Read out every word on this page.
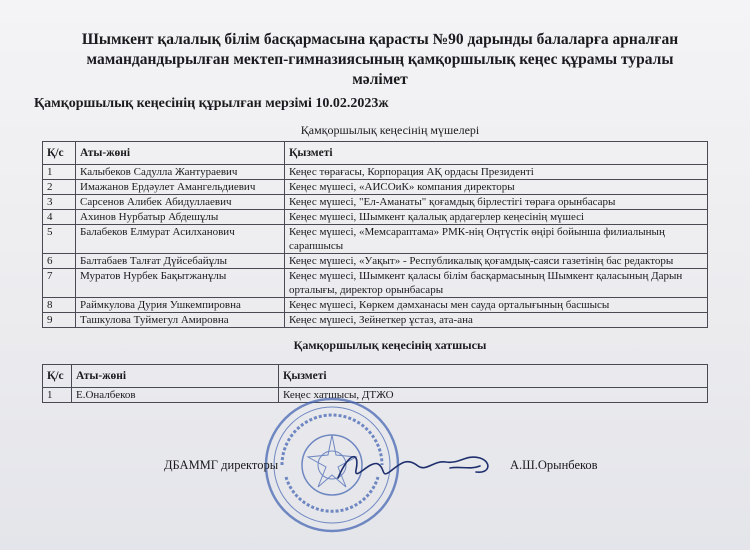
Шымкент қалалық білім басқармасына қарасты №90 дарынды балаларға арналған
мамандандырылған мектеп-гимназиясының қамқоршылық кеңес құрамы туралы
мәлімет
Қамқоршылық кеңесінің құрылған мерзімі 10.02.2023ж
Қамқоршылық кеңесінің мүшелері
Қ/с	Аты-жөні	Қызметі
1	Калыбеков Садулла Жантураевич	Кеңес төрағасы, Корпорация АҚ ордасы Президенті
2	Имажанов Ердәулет Амангельдиевич	Кеңес мүшесі, «АИСОиК» компания директоры
3	Сарсенов Алибек Абидуллаевич	Кеңес мүшесі, "Ел-Аманаты" қоғамдық бірлестігі төраға орынбасары
4	Ахинов Нурбатыр Абдешұлы	Кеңес мүшесі, Шымкент қалалық ардагерлер кеңесінің мүшесі
5	Балабеков Елмурат Асилханович	Кеңес мүшесі, «Мемсараптама» РМК-нің Оңтүстік өңірі бойынша филиалының сарапшысы
6	Балтабаев Талғат Дүйсебайұлы	Кеңес мүшесі, «Уақыт» - Республикалық қоғамдық-саяси газетінің бас редакторы
7	Муратов Нурбек Бақытжанұлы	Кеңес мүшесі, Шымкент қаласы білім басқармасының Шымкент қаласының Дарын орталығы, директор орынбасары
8	Раймкулова Дурия Ушкемпировна	Кеңес мүшесі, Көркем дәмханасы мен сауда орталығының басшысы
9	Ташкулова Туймегул Амировна	Кеңес мүшесі, Зейнеткер ұстаз, ата-ана
Қамқоршылық кеңесінің хатшысы
Қ/с	Аты-жөні	Қызметі
1	Е.Оналбеков	Кеңес хатшысы, ДТЖО
ДБАММГ директоры	А.Ш.Орынбеков
